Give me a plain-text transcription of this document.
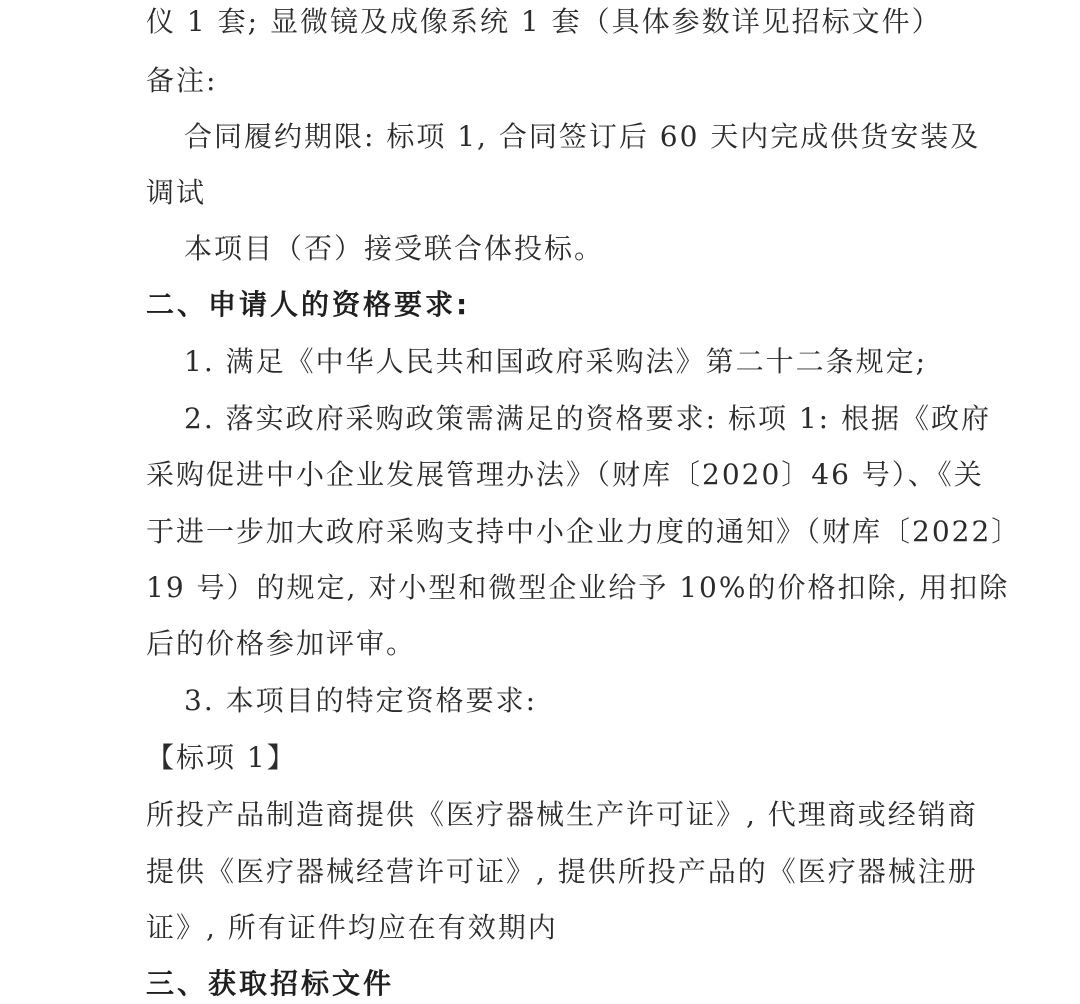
仪 1 套; 显微镜及成像系统 1 套（具体参数详见招标文件）
备注:
合同履约期限: 标项 1, 合同签订后 60 天内完成供货安装及
调试
本项目（否）接受联合体投标。
二、申请人的资格要求:
1. 满足《中华人民共和国政府采购法》第二十二条规定;
2. 落实政府采购政策需满足的资格要求: 标项 1: 根据《政府
采购促进中小企业发展管理办法》（财库〔2020〕46 号）、《关
于进一步加大政府采购支持中小企业力度的通知》（财库〔2022〕
19 号）的规定, 对小型和微型企业给予 10%的价格扣除, 用扣除
后的价格参加评审。
3. 本项目的特定资格要求:
【标项 1】
所投产品制造商提供《医疗器械生产许可证》, 代理商或经销商
提供《医疗器械经营许可证》, 提供所投产品的《医疗器械注册
证》, 所有证件均应在有效期内
三、获取招标文件
